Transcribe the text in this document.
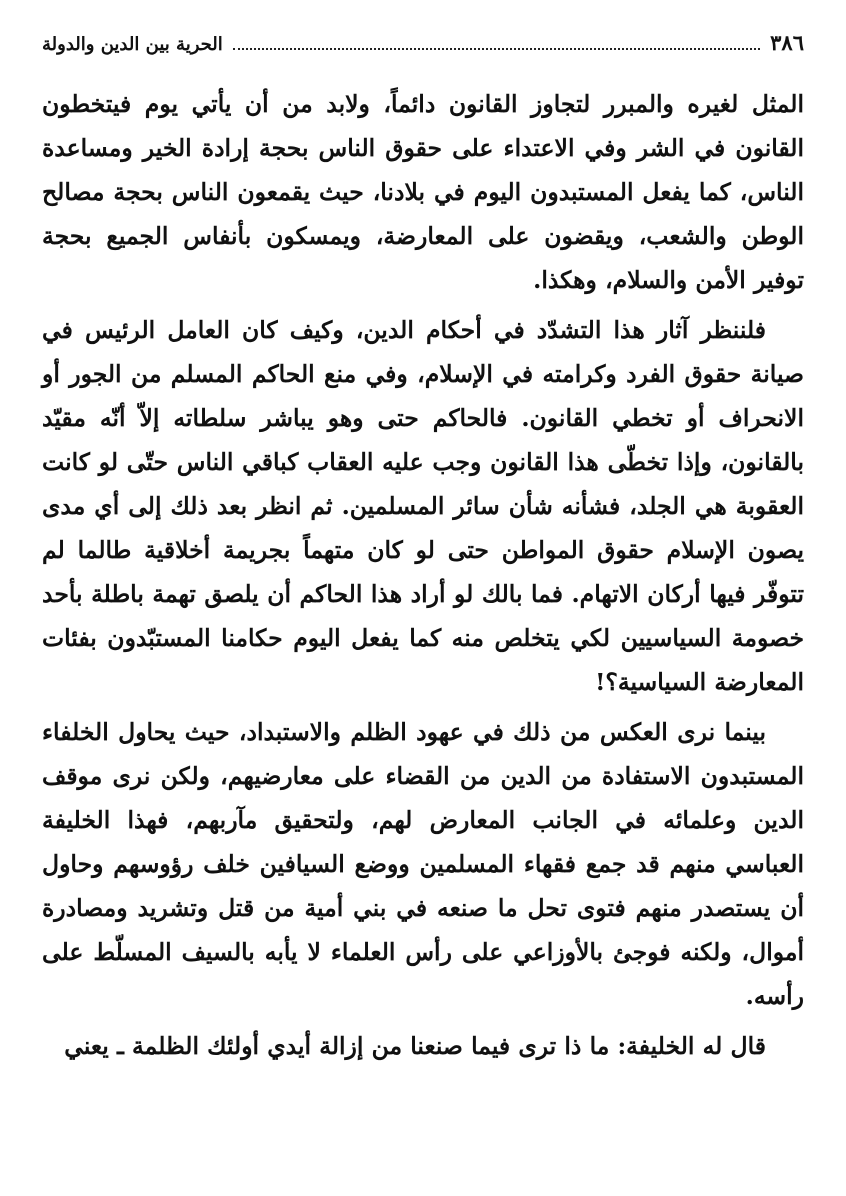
٣٨٦
الحرية بين الدين والدولة

المثل لغيره والمبرر لتجاوز القانون دائماً، ولابد من أن يأتي يوم فيتخطون القانون في الشر وفي الاعتداء على حقوق الناس بحجة إرادة الخير ومساعدة الناس، كما يفعل المستبدون اليوم في بلادنا، حيث يقمعون الناس بحجة مصالح الوطن والشعب، ويقضون على المعارضة، ويمسكون بأنفاس الجميع بحجة توفير الأمن والسلام، وهكذا.

فلننظر آثار هذا التشدّد في أحكام الدين، وكيف كان العامل الرئيس في صيانة حقوق الفرد وكرامته في الإسلام، وفي منع الحاكم المسلم من الجور أو الانحراف أو تخطي القانون. فالحاكم حتى وهو يباشر سلطاته إلاّ أنّه مقيّد بالقانون، وإذا تخطّى هذا القانون وجب عليه العقاب كباقي الناس حتّى لو كانت العقوبة هي الجلد، فشأنه شأن سائر المسلمين. ثم انظر بعد ذلك إلى أي مدى يصون الإسلام حقوق المواطن حتى لو كان متهماً بجريمة أخلاقية طالما لم تتوفّر فيها أركان الاتهام. فما بالك لو أراد هذا الحاكم أن يلصق تهمة باطلة بأحد خصومة السياسيين لكي يتخلص منه كما يفعل اليوم حكامنا المستبّدون بفئات المعارضة السياسية؟!

بينما نرى العكس من ذلك في عهود الظلم والاستبداد، حيث يحاول الخلفاء المستبدون الاستفادة من الدين من القضاء على معارضيهم، ولكن نرى موقف الدين وعلمائه في الجانب المعارض لهم، ولتحقيق مآربهم، فهذا الخليفة العباسي منهم قد جمع فقهاء المسلمين ووضع السيافين خلف رؤوسهم وحاول أن يستصدر منهم فتوى تحل ما صنعه في بني أمية من قتل وتشريد ومصادرة أموال، ولكنه فوجئ بالأوزاعي على رأس العلماء لا يأبه بالسيف المسلّط على رأسه.

قال له الخليفة: ما ذا ترى فيما صنعنا من إزالة أيدي أولئك الظلمة ـ يعني
